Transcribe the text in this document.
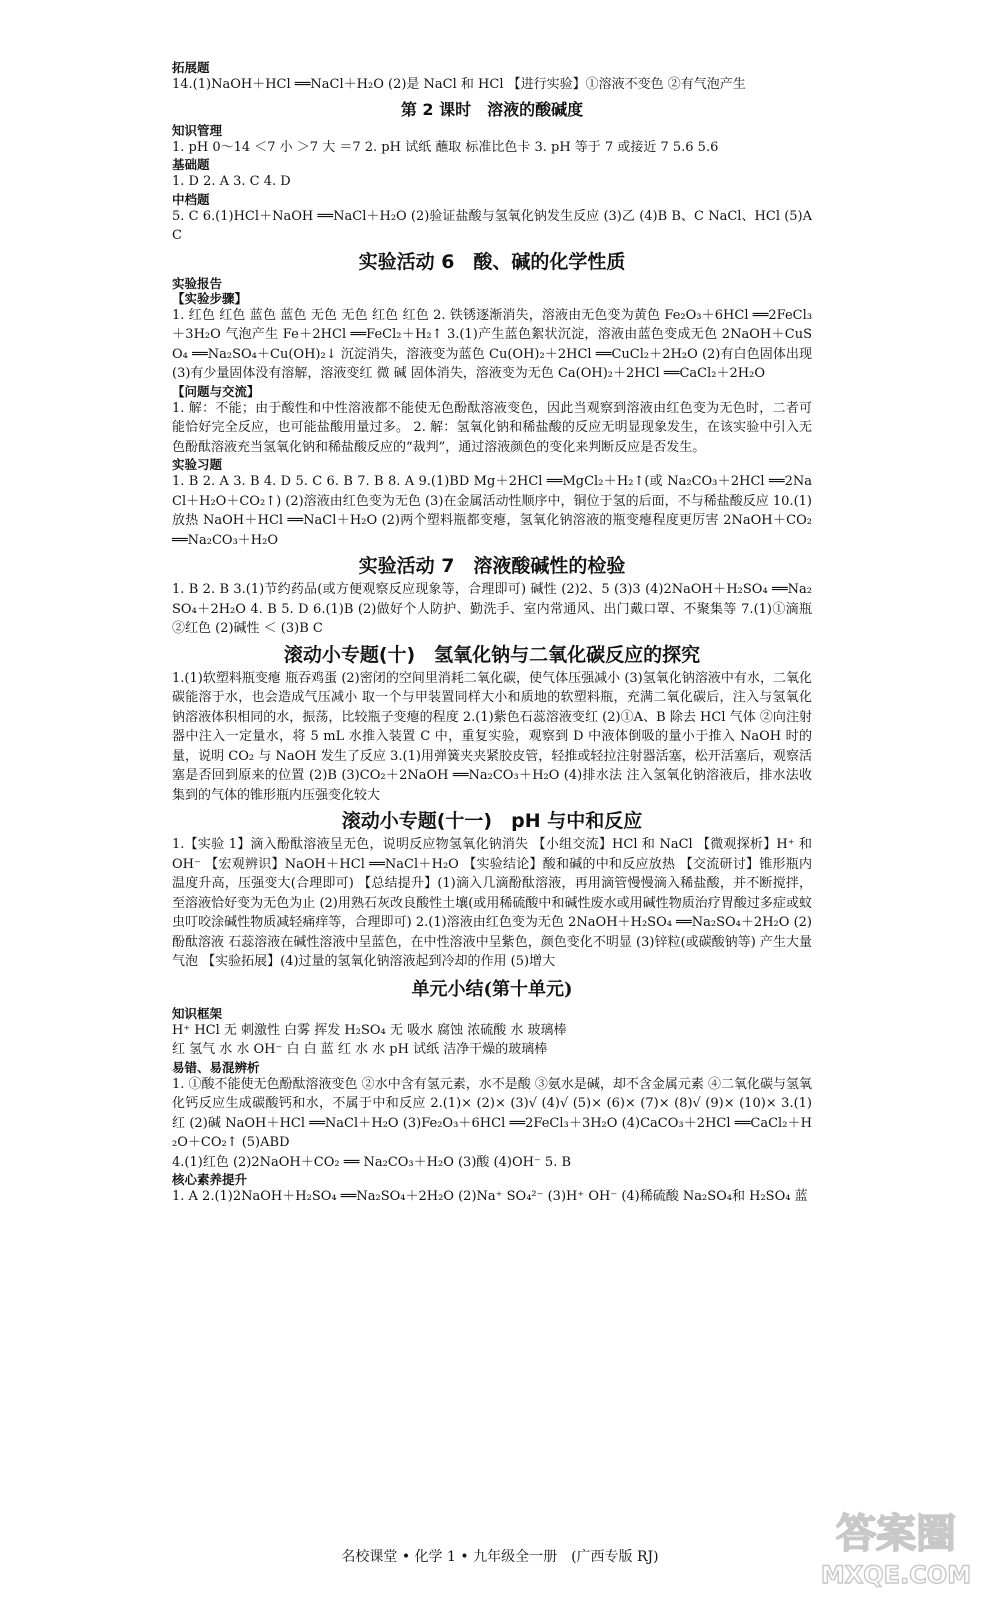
拓展题

14.(1)NaOH＋HCl ══NaCl＋H₂O (2)是 NaCl 和 HCl 【进行实验】①溶液不变色 ②有气泡产生

第 2 课时　溶液的酸碱度

知识管理

1. pH 0～14 ＜7 小 ＞7 大 ＝7 2. pH 试纸 蘸取 标准比色卡 3. pH 等于 7 或接近 7 5.6 5.6

基础题

1. D 2. A 3. C 4. D

中档题

5. C 6.(1)HCl＋NaOH ══NaCl＋H₂O (2)验证盐酸与氢氧化钠发生反应 (3)乙 (4)B B、C NaCl、HCl (5)AC

实验活动 6　酸、碱的化学性质

实验报告

【实验步骤】

1. 红色 红色 蓝色 蓝色 无色 无色 红色 红色 2. 铁锈逐渐消失，溶液由无色变为黄色 Fe₂O₃＋6HCl ══2FeCl₃＋3H₂O 气泡产生 Fe＋2HCl ══FeCl₂＋H₂↑ 3.(1)产生蓝色絮状沉淀，溶液由蓝色变成无色 2NaOH＋CuSO₄ ══Na₂SO₄＋Cu(OH)₂↓ 沉淀消失，溶液变为蓝色 Cu(OH)₂＋2HCl ══CuCl₂＋2H₂O (2)有白色固体出现 (3)有少量固体没有溶解，溶液变红 微 碱 固体消失，溶液变为无色 Ca(OH)₂＋2HCl ══CaCl₂＋2H₂O

【问题与交流】

1. 解：不能；由于酸性和中性溶液都不能使无色酚酞溶液变色，因此当观察到溶液由红色变为无色时，二者可能恰好完全反应，也可能盐酸用量过多。 2. 解：氢氧化钠和稀盐酸的反应无明显现象发生，在该实验中引入无色酚酞溶液充当氢氧化钠和稀盐酸反应的“裁判”，通过溶液颜色的变化来判断反应是否发生。

实验习题

1. B 2. A 3. B 4. D 5. C 6. B 7. B 8. A 9.(1)BD Mg＋2HCl ══MgCl₂＋H₂↑(或 Na₂CO₃＋2HCl ══2NaCl＋H₂O＋CO₂↑) (2)溶液由红色变为无色 (3)在金属活动性顺序中，铜位于氢的后面，不与稀盐酸反应 10.(1)放热 NaOH＋HCl ══NaCl＋H₂O (2)两个塑料瓶都变瘪，氢氧化钠溶液的瓶变瘪程度更厉害 2NaOH＋CO₂ ══Na₂CO₃＋H₂O

实验活动 7　溶液酸碱性的检验

1. B 2. B 3.(1)节约药品(或方便观察反应现象等，合理即可) 碱性 (2)2、5 (3)3 (4)2NaOH＋H₂SO₄ ══Na₂SO₄＋2H₂O 4. B 5. D 6.(1)B (2)做好个人防护、勤洗手、室内常通风、出门戴口罩、不聚集等 7.(1)①滴瓶 ②红色 (2)碱性 ＜ (3)B C

滚动小专题(十)　氢氧化钠与二氧化碳反应的探究

1.(1)软塑料瓶变瘪 瓶吞鸡蛋 (2)密闭的空间里消耗二氧化碳，使气体压强减小 (3)氢氧化钠溶液中有水，二氧化碳能溶于水，也会造成气压减小 取一个与甲装置同样大小和质地的软塑料瓶，充满二氧化碳后，注入与氢氧化钠溶液体积相同的水，振荡，比较瓶子变瘪的程度 2.(1)紫色石蕊溶液变红 (2)①A、B 除去 HCl 气体 ②向注射器中注入一定量水，将 5 mL 水推入装置 C 中，重复实验，观察到 D 中液体倒吸的量小于推入 NaOH 时的量，说明 CO₂ 与 NaOH 发生了反应 3.(1)用弹簧夹夹紧胶皮管，轻推或轻拉注射器活塞，松开活塞后，观察活塞是否回到原来的位置 (2)B (3)CO₂＋2NaOH ══Na₂CO₃＋H₂O (4)排水法 注入氢氧化钠溶液后，排水法收集到的气体的锥形瓶内压强变化较大

滚动小专题(十一)　pH 与中和反应

1.【实验 1】滴入酚酞溶液呈无色，说明反应物氢氧化钠消失 【小组交流】HCl 和 NaCl 【微观探析】H⁺ 和 OH⁻ 【宏观辨识】NaOH＋HCl ══NaCl＋H₂O 【实验结论】酸和碱的中和反应放热 【交流研讨】锥形瓶内温度升高，压强变大(合理即可) 【总结提升】(1)滴入几滴酚酞溶液，再用滴管慢慢滴入稀盐酸，并不断搅拌，至溶液恰好变为无色为止 (2)用熟石灰改良酸性土壤(或用稀硫酸中和碱性废水或用碱性物质治疗胃酸过多症或蚊虫叮咬涂碱性物质减轻痛痒等，合理即可) 2.(1)溶液由红色变为无色 2NaOH＋H₂SO₄ ══Na₂SO₄＋2H₂O (2)酚酞溶液 石蕊溶液在碱性溶液中呈蓝色，在中性溶液中呈紫色，颜色变化不明显 (3)锌粒(或碳酸钠等) 产生大量气泡 【实验拓展】(4)过量的氢氧化钠溶液起到冷却的作用 (5)增大

单元小结(第十单元)

知识框架

H⁺ HCl 无 刺激性 白雾 挥发 H₂SO₄ 无 吸水 腐蚀 浓硫酸 水 玻璃棒

红 氢气 水 水 OH⁻ 白 白 蓝 红 水 水 pH 试纸 洁净干燥的玻璃棒

易错、易混辨析

1. ①酸不能使无色酚酞溶液变色 ②水中含有氢元素，水不是酸 ③氨水是碱，却不含金属元素 ④二氧化碳与氢氧化钙反应生成碳酸钙和水，不属于中和反应 2.(1)× (2)× (3)√ (4)√ (5)× (6)× (7)× (8)√ (9)× (10)× 3.(1)红 (2)碱 NaOH＋HCl ══NaCl＋H₂O (3)Fe₂O₃＋6HCl ══2FeCl₃＋3H₂O (4)CaCO₃＋2HCl ══CaCl₂＋H₂O＋CO₂↑ (5)ABD

4.(1)红色 (2)2NaOH＋CO₂ ══ Na₂CO₃＋H₂O (3)酸 (4)OH⁻ 5. B

核心素养提升

1. A 2.(1)2NaOH＋H₂SO₄ ══Na₂SO₄＋2H₂O (2)Na⁺ SO₄²⁻ (3)H⁺ OH⁻ (4)稀硫酸 Na₂SO₄和 H₂SO₄ 蓝

名校课堂 • 化学 1 • 九年级全一册　(广西专版 RJ)	答案圈
MXQE.COM
